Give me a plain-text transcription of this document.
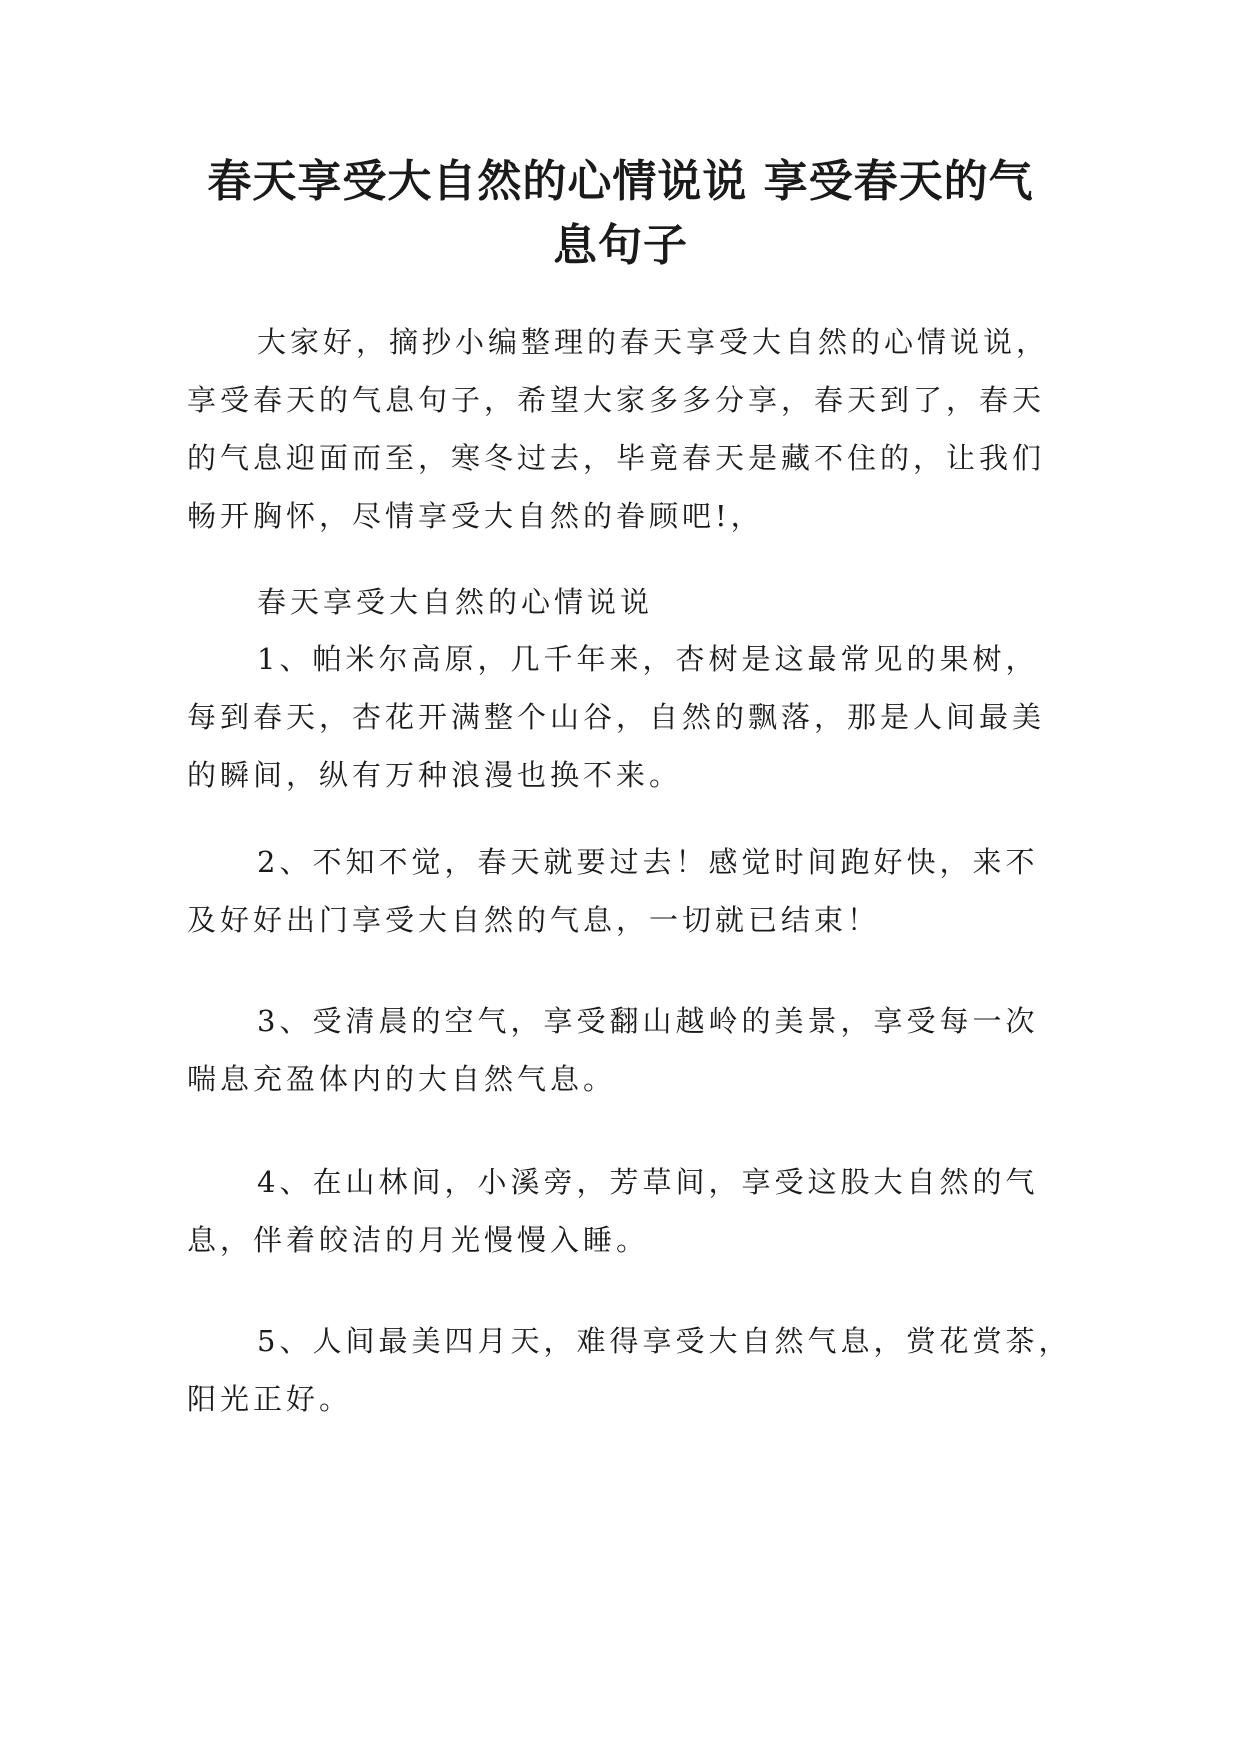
春天享受大自然的心情说说 享受春天的气
息句子

大家好，摘抄小编整理的春天享受大自然的心情说说，
享受春天的气息句子，希望大家多多分享，春天到了，春天
的气息迎面而至，寒冬过去，毕竟春天是藏不住的，让我们
畅开胸怀，尽情享受大自然的眷顾吧!，

春天享受大自然的心情说说

1、帕米尔高原，几千年来，杏树是这最常见的果树，
每到春天，杏花开满整个山谷，自然的飘落，那是人间最美
的瞬间，纵有万种浪漫也换不来。

2、不知不觉，春天就要过去！感觉时间跑好快，来不
及好好出门享受大自然的气息，一切就已结束！

3、受清晨的空气，享受翻山越岭的美景，享受每一次
喘息充盈体内的大自然气息。

4、在山林间，小溪旁，芳草间，享受这股大自然的气
息，伴着皎洁的月光慢慢入睡。

5、人间最美四月天，难得享受大自然气息，赏花赏茶，
阳光正好。
